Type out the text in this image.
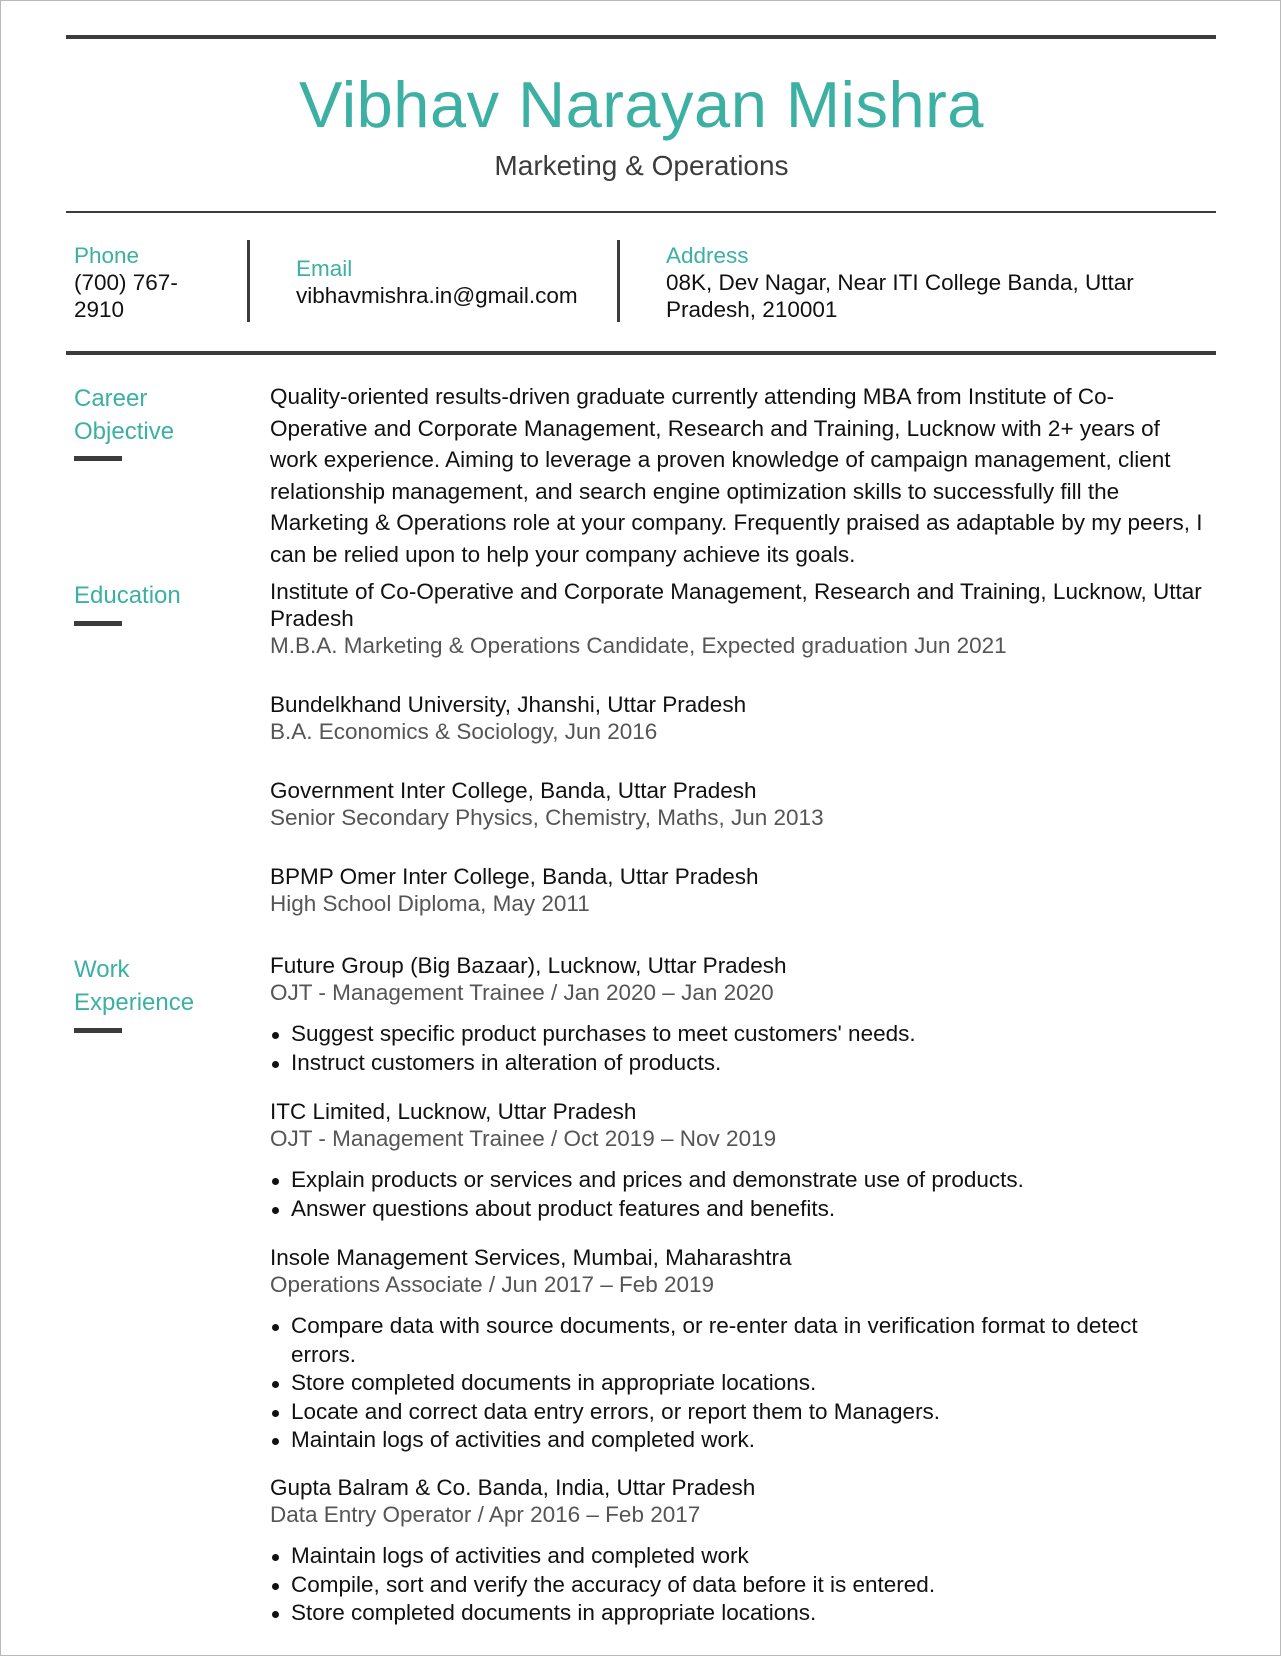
Vibhav Narayan Mishra
Marketing & Operations
Phone
(700) 767-
2910
Email
vibhavmishra.in@gmail.com
Address
08K, Dev Nagar, Near ITI College Banda, Uttar
Pradesh, 210001
Career
Objective
Quality-oriented results-driven graduate currently attending MBA from Institute of Co-Operative and Corporate Management, Research and Training, Lucknow with 2+ years of work experience. Aiming to leverage a proven knowledge of campaign management, client relationship management, and search engine optimization skills to successfully fill the Marketing & Operations role at your company. Frequently praised as adaptable by my peers, I can be relied upon to help your company achieve its goals.
Education	Institute of Co-Operative and Corporate Management, Research and Training, Lucknow, Uttar Pradesh
M.B.A. Marketing & Operations Candidate, Expected graduation Jun 2021
Bundelkhand University, Jhanshi, Uttar Pradesh
B.A. Economics & Sociology, Jun 2016
Government Inter College, Banda, Uttar Pradesh
Senior Secondary Physics, Chemistry, Maths, Jun 2013
BPMP Omer Inter College, Banda, Uttar Pradesh
High School Diploma, May 2011
Work
Experience
Future Group (Big Bazaar), Lucknow, Uttar Pradesh
OJT - Management Trainee / Jan 2020 – Jan 2020
Suggest specific product purchases to meet customers' needs.
Instruct customers in alteration of products.
ITC Limited, Lucknow, Uttar Pradesh
OJT - Management Trainee / Oct 2019 – Nov 2019
Explain products or services and prices and demonstrate use of products.
Answer questions about product features and benefits.
Insole Management Services, Mumbai, Maharashtra
Operations Associate / Jun 2017 – Feb 2019
Compare data with source documents, or re-enter data in verification format to detect errors.
Store completed documents in appropriate locations.
Locate and correct data entry errors, or report them to Managers.
Maintain logs of activities and completed work.
Gupta Balram & Co. Banda, India, Uttar Pradesh
Data Entry Operator / Apr 2016 – Feb 2017
Maintain logs of activities and completed work
Compile, sort and verify the accuracy of data before it is entered.
Store completed documents in appropriate locations.
